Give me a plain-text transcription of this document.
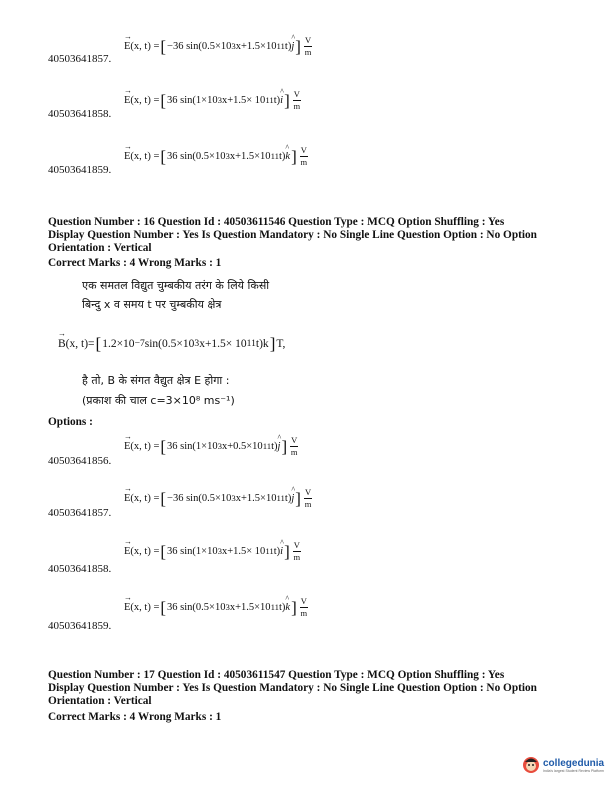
→ E(x, t) = [ −36 sin(0.5×10 3 x+1.5×10 11 t) ^ j ] $\frac{V}{m}$
40503641857.
→ E(x, t) = [ 36 sin(1×10 3 x+1.5× 10 11 t) ^ i ] $\frac{V}{m}$
40503641858.
→ E(x, t) = [ 36 sin(0.5×10 3 x+1.5×10 11 t) ^ k ] $\frac{V}{m}$
40503641859.
Question Number : 16 Question Id : 40503611546 Question Type : MCQ Option Shuffling : Yes
Display Question Number : Yes Is Question Mandatory : No Single Line Question Option : No Option
Orientation : Vertical
Correct Marks : 4 Wrong Marks : 1
एक समतल विद्युत चुम्बकीय तरंग के लिये किसी
बिन्दु x व समय t पर चुम्बकीय क्षेत्र
→ B(x, t)= [ 1.2×10 −7 sin(0.5×10 3 x+1.5× 10 11 t)k ] T,
है तो, B के संगत वैद्युत क्षेत्र E होगा :
(प्रकाश की चाल c=3×10⁸ ms⁻¹)
Options :
→ E(x, t) = [ 36 sin(1×10 3 x+0.5×10 11 t) ^ j ] $\frac{V}{m}$
40503641856.
→ E(x, t) = [ −36 sin(0.5×10 3 x+1.5×10 11 t) ^ j ] $\frac{V}{m}$
40503641857.
→ E(x, t) = [ 36 sin(1×10 3 x+1.5× 10 11 t) ^ i ] $\frac{V}{m}$
40503641858.
→ E(x, t) = [ 36 sin(0.5×10 3 x+1.5×10 11 t) ^ k ] $\frac{V}{m}$
40503641859.
Question Number : 17 Question Id : 40503611547 Question Type : MCQ Option Shuffling : Yes
Display Question Number : Yes Is Question Mandatory : No Single Line Question Option : No Option
Orientation : Vertical
Correct Marks : 4 Wrong Marks : 1
collegedunia
India's largest Student Review Platform
